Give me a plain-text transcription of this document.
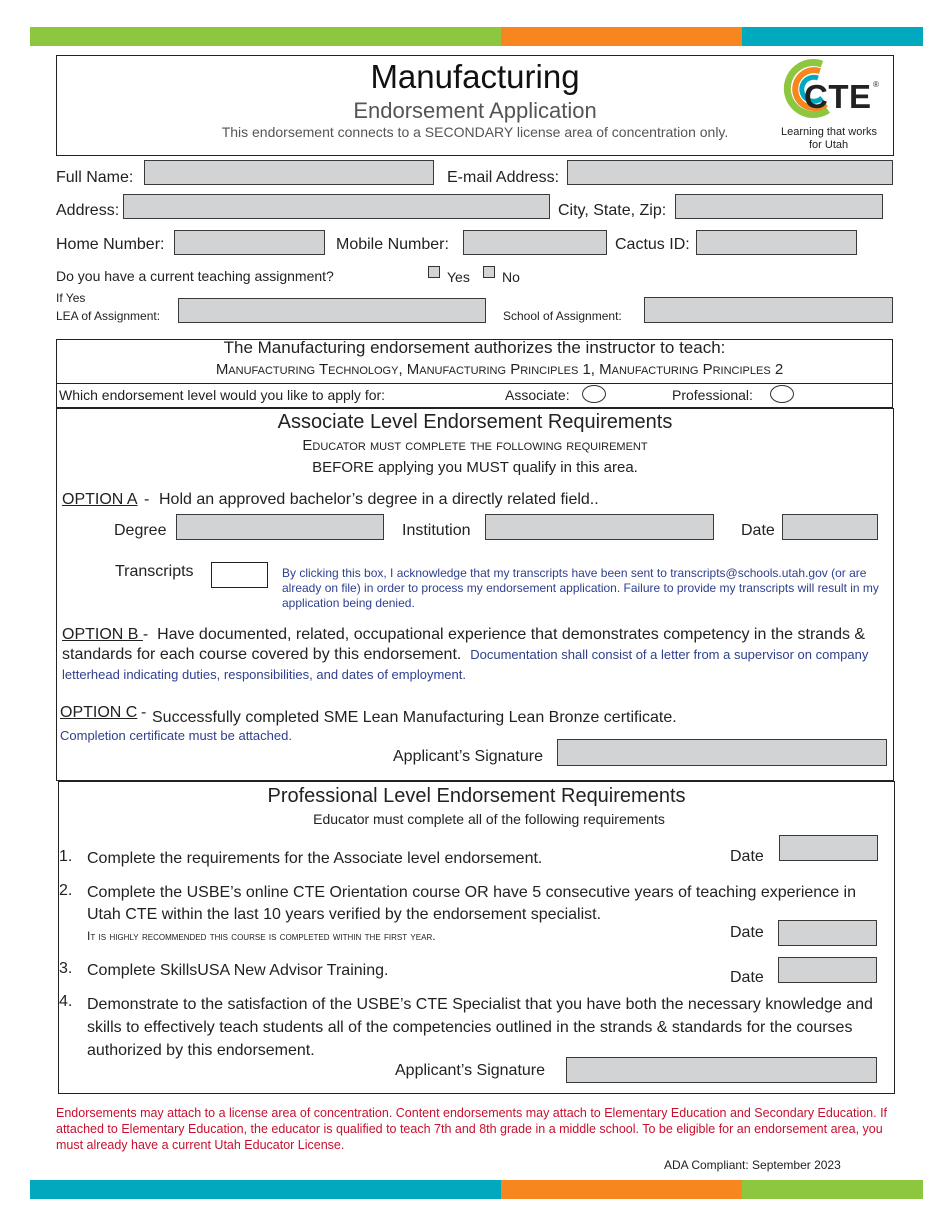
Manufacturing
Endorsement Application
This endorsement connects to a SECONDARY license area of concentration only.
CTE ®
Learning that works
for Utah
Full Name:	E-mail Address:
Address:	City, State, Zip:
Home Number:	Mobile Number:	Cactus ID:
Do you have a current teaching assignment?	Yes No
If Yes
LEA of Assignment:	School of Assignment:
The Manufacturing endorsement authorizes the instructor to teach:
Manufacturing Technology, Manufacturing Principles 1, Manufacturing Principles 2
Which endorsement level would you like to apply for:	Associate:	Professional:
Associate Level Endorsement Requirements
Educator must complete the following requirement
BEFORE applying you MUST qualify in this area.
OPTION A - Hold an approved bachelor’s degree in a directly related field..
Degree	Institution	Date
Transcripts	By clicking this box, I acknowledge that my transcripts have been sent to transcripts@schools.utah.gov (or are already on file) in order to process my endorsement application. Failure to provide my transcripts will result in my application being denied.
OPTION B - Have documented, related, occupational experience that demonstrates competency in the strands & standards for each course covered by this endorsement. Documentation shall consist of a letter from a supervisor on company letterhead indicating duties, responsibilities, and dates of employment.
OPTION C - Successfully completed SME Lean Manufacturing Lean Bronze certificate.
Completion certificate must be attached.
Applicant’s Signature
Professional Level Endorsement Requirements
Educator must complete all of the following requirements
1. Complete the requirements for the Associate level endorsement.	Date
2. Complete the USBE’s online CTE Orientation course OR have 5 consecutive years of teaching experience in Utah CTE within the last 10 years verified by the endorsement specialist.
It is highly recommended this course is completed within the first year.	Date
3. Complete SkillsUSA New Advisor Training.	Date
4. Demonstrate to the satisfaction of the USBE’s CTE Specialist that you have both the necessary knowledge and skills to effectively teach students all of the competencies outlined in the strands & standards for the courses authorized by this endorsement.
Applicant’s Signature
Endorsements may attach to a license area of concentration. Content endorsements may attach to Elementary Education and Secondary Education. If attached to Elementary Education, the educator is qualified to teach 7th and 8th grade in a middle school. To be eligible for an endorsement area, you must already have a current Utah Educator License.
ADA Compliant: September 2023
